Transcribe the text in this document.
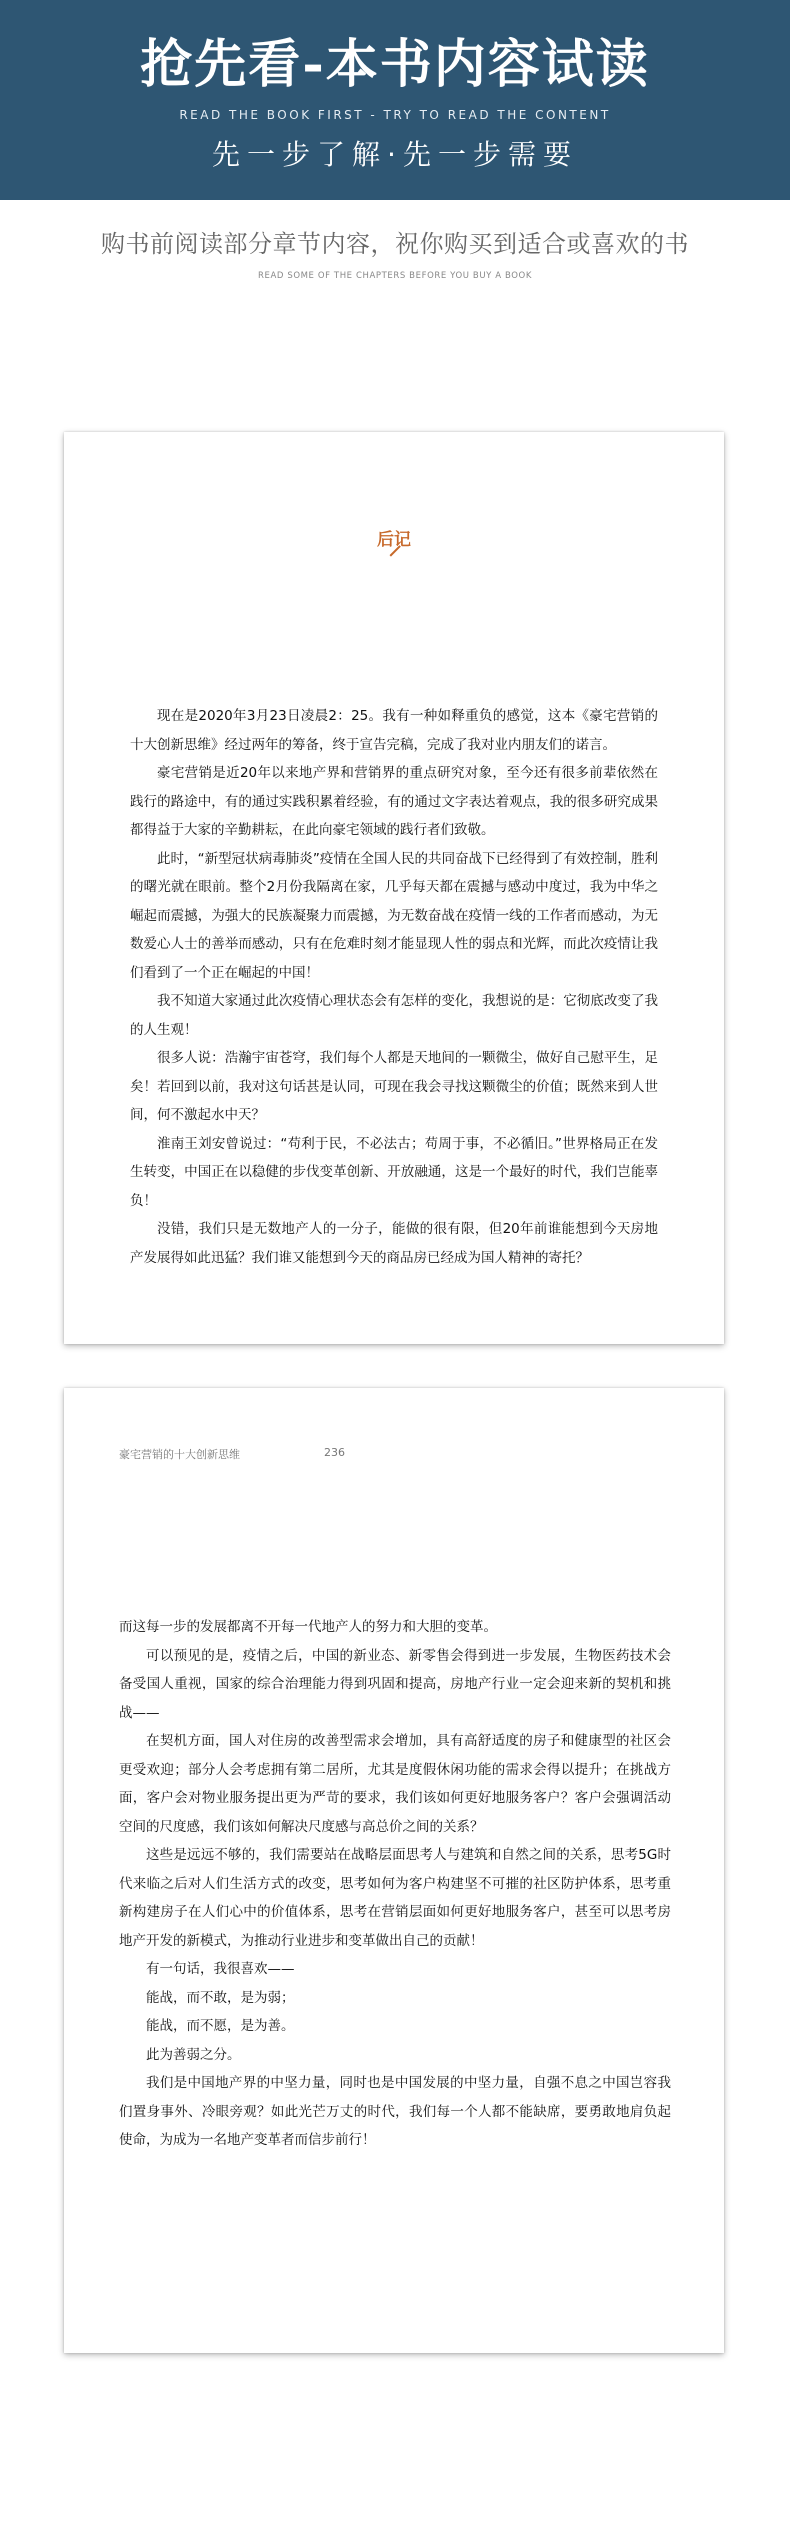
抢先看-本书内容试读
READ THE BOOK FIRST - TRY TO READ THE CONTENT
先一步了解·先一步需要
购书前阅读部分章节内容，祝你购买到适合或喜欢的书
READ SOME OF THE CHAPTERS BEFORE YOU BUY A BOOK
后记

现在是2020年3月23日凌晨2：25。我有一种如释重负的感觉，这本《豪宅营销的十大创新思维》经过两年的筹备，终于宣告完稿，完成了我对业内朋友们的诺言。

豪宅营销是近20年以来地产界和营销界的重点研究对象，至今还有很多前辈依然在践行的路途中，有的通过实践积累着经验，有的通过文字表达着观点，我的很多研究成果都得益于大家的辛勤耕耘，在此向豪宅领域的践行者们致敬。

此时，“新型冠状病毒肺炎”疫情在全国人民的共同奋战下已经得到了有效控制，胜利的曙光就在眼前。整个2月份我隔离在家，几乎每天都在震撼与感动中度过，我为中华之崛起而震撼，为强大的民族凝聚力而震撼，为无数奋战在疫情一线的工作者而感动，为无数爱心人士的善举而感动，只有在危难时刻才能显现人性的弱点和光辉，而此次疫情让我们看到了一个正在崛起的中国！

我不知道大家通过此次疫情心理状态会有怎样的变化，我想说的是：它彻底改变了我的人生观！

很多人说：浩瀚宇宙苍穹，我们每个人都是天地间的一颗微尘，做好自己慰平生，足矣！若回到以前，我对这句话甚是认同，可现在我会寻找这颗微尘的价值；既然来到人世间，何不激起水中天？

淮南王刘安曾说过：“苟利于民，不必法古；苟周于事，不必循旧。”世界格局正在发生转变，中国正在以稳健的步伐变革创新、开放融通，这是一个最好的时代，我们岂能辜负！

没错，我们只是无数地产人的一分子，能做的很有限，但20年前谁能想到今天房地产发展得如此迅猛？我们谁又能想到今天的商品房已经成为国人精神的寄托？

豪宅营销的十大创新思维	236

而这每一步的发展都离不开每一代地产人的努力和大胆的变革。

可以预见的是，疫情之后，中国的新业态、新零售会得到进一步发展，生物医药技术会备受国人重视，国家的综合治理能力得到巩固和提高，房地产行业一定会迎来新的契机和挑战——

在契机方面，国人对住房的改善型需求会增加，具有高舒适度的房子和健康型的社区会更受欢迎；部分人会考虑拥有第二居所，尤其是度假休闲功能的需求会得以提升；在挑战方面，客户会对物业服务提出更为严苛的要求，我们该如何更好地服务客户？客户会强调活动空间的尺度感，我们该如何解决尺度感与高总价之间的关系？

这些是远远不够的，我们需要站在战略层面思考人与建筑和自然之间的关系，思考5G时代来临之后对人们生活方式的改变，思考如何为客户构建坚不可摧的社区防护体系，思考重新构建房子在人们心中的价值体系，思考在营销层面如何更好地服务客户，甚至可以思考房地产开发的新模式，为推动行业进步和变革做出自己的贡献！

有一句话，我很喜欢——

能战，而不敢，是为弱；

能战，而不愿，是为善。

此为善弱之分。

我们是中国地产界的中坚力量，同时也是中国发展的中坚力量，自强不息之中国岂容我们置身事外、冷眼旁观？如此光芒万丈的时代，我们每一个人都不能缺席，要勇敢地肩负起使命，为成为一名地产变革者而信步前行！
